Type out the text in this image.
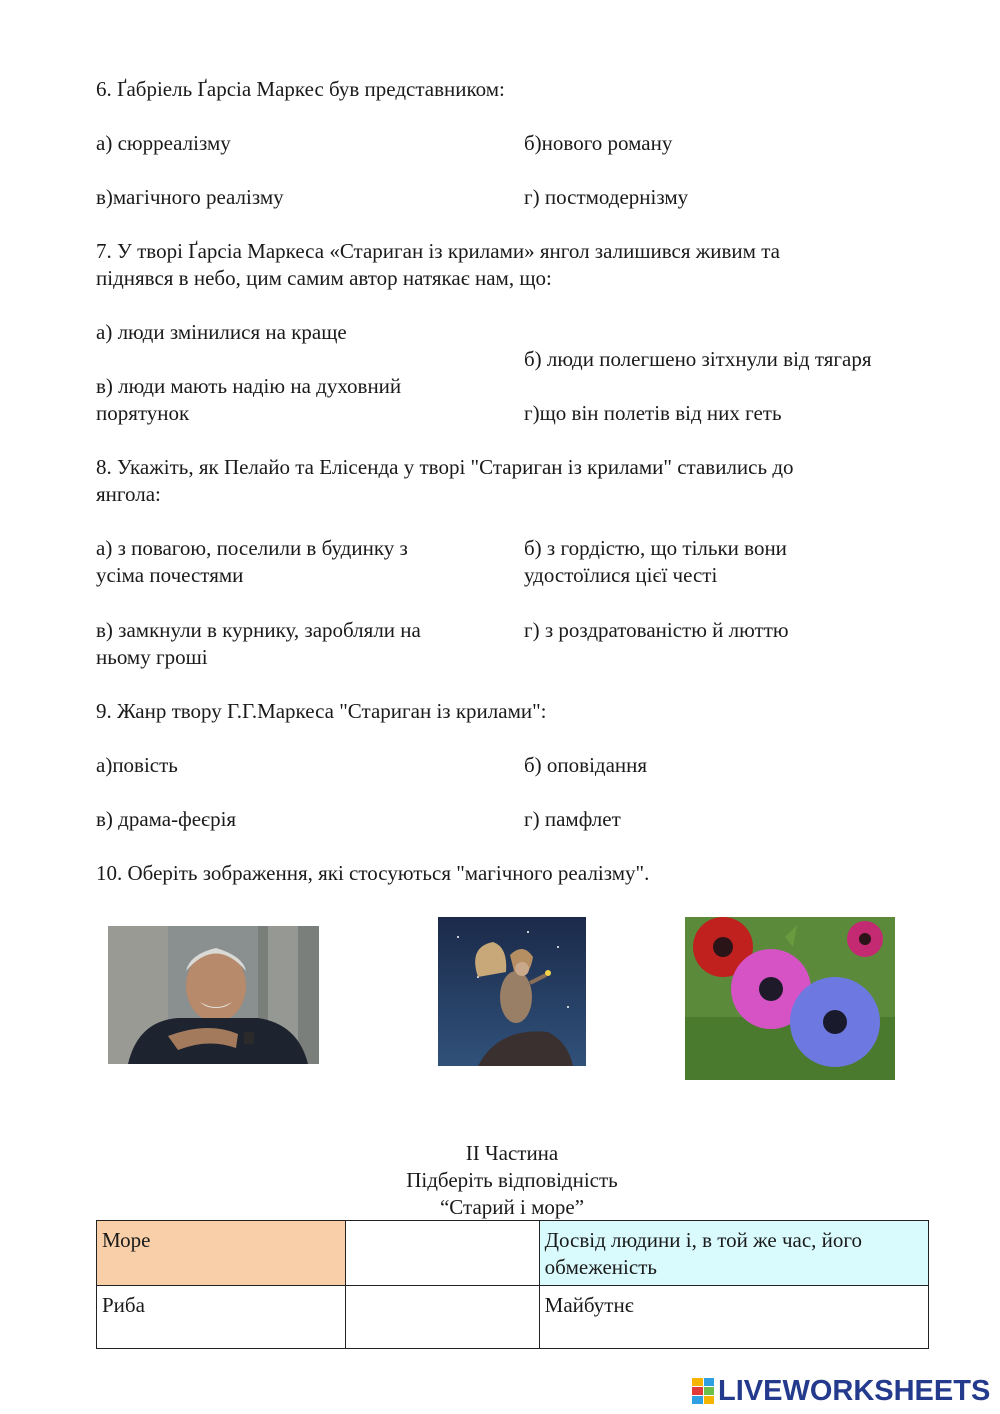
6. Ґабріель Ґарсіа Маркес був представником:
а) сюрреалізму	б)нового роману
в)магічного реалізму	г) постмодернізму
7. У творі Ґарсіа Маркеса «Стариган із крилами» янгол залишився живим та
піднявся в небо, цим самим автор натякає нам, що:
а) люди змінилися на краще
б) люди полегшено зітхнули від тягаря
в) люди мають надію на духовний
порятунок	г)що він полетів від них геть
8. Укажіть, як Пелайо та Елісенда у творі "Стариган із крилами" ставились до
янгола:
а) з повагою, поселили в будинку з
усіма почестями
б) з гордістю, що тільки вони
удостоїлися цієї честі
в) замкнули в курнику, заробляли на
ньому гроші
г) з роздратованістю й люттю
9. Жанр твору Г.Г.Маркеса "Стариган із крилами":
а)повість	б) оповідання
в) драма-феєрія	г) памфлет
10. Оберіть зображення, які стосуються "магічного реалізму".
ІІ Частина
Підберіть відповідність
“Старий і море”
Море		Досвід людини і, в той же час, його
обмеженість

Риба		Майбутнє
LIVEWORKSHEETS
